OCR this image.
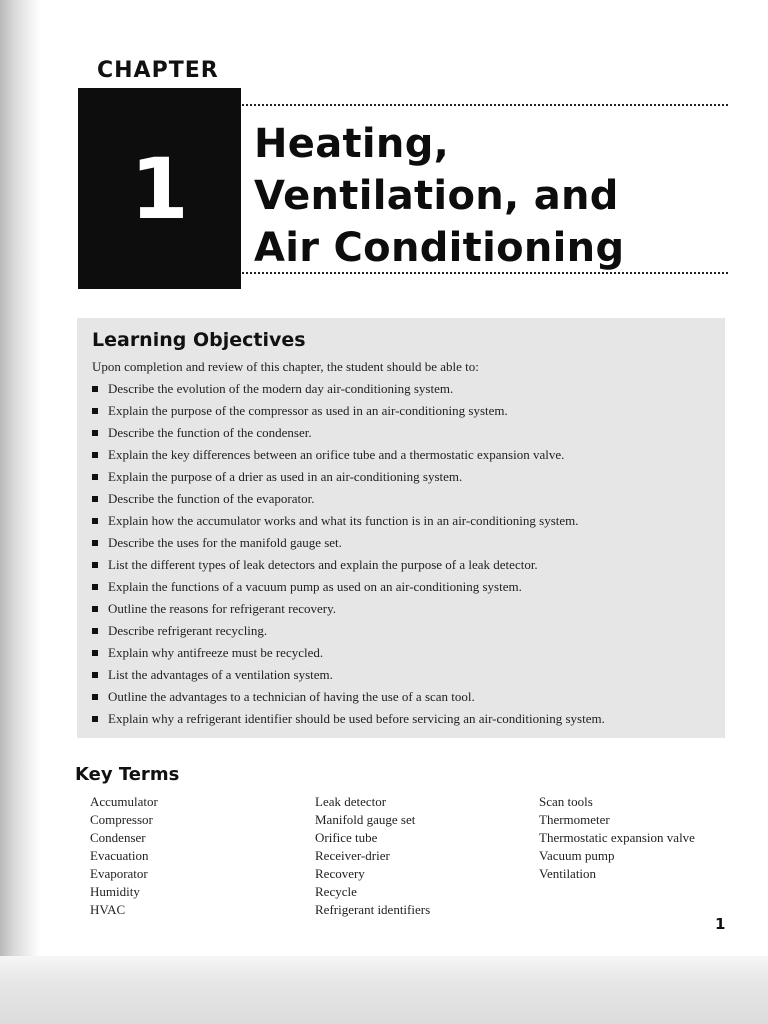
CHAPTER
1 Heating,
Ventilation, and
Air Conditioning
Learning Objectives
Upon completion and review of this chapter, the student should be able to:
Describe the evolution of the modern day air-conditioning system.
Explain the purpose of the compressor as used in an air-conditioning system.
Describe the function of the condenser.
Explain the key differences between an orifice tube and a thermostatic expansion valve.
Explain the purpose of a drier as used in an air-conditioning system.
Describe the function of the evaporator.
Explain how the accumulator works and what its function is in an air-conditioning system.
Describe the uses for the manifold gauge set.
List the different types of leak detectors and explain the purpose of a leak detector.
Explain the functions of a vacuum pump as used on an air-conditioning system.
Outline the reasons for refrigerant recovery.
Describe refrigerant recycling.
Explain why antifreeze must be recycled.
List the advantages of a ventilation system.
Outline the advantages to a technician of having the use of a scan tool.
Explain why a refrigerant identifier should be used before servicing an air-conditioning system.
Key Terms
Accumulator
Compressor
Condenser
Evacuation
Evaporator
Humidity
HVAC
Leak detector
Manifold gauge set
Orifice tube
Receiver-drier
Recovery
Recycle
Refrigerant identifiers
Scan tools
Thermometer
Thermostatic expansion valve
Vacuum pump
Ventilation
1
